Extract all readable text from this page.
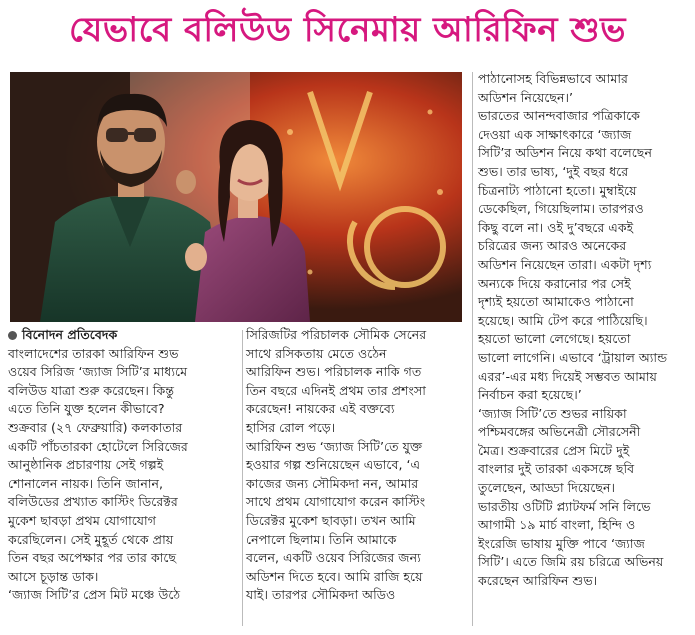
যেভাবে বলিউড সিনেমায় আরিফিন শুভ
বিনোদন প্রতিবেদক

বাংলাদেশের তারকা আরিফিন শুভ

ওয়েব সিরিজ ‘জ্যাজ সিটি’র মাধ্যমে

বলিউড যাত্রা শুরু করেছেন। কিন্তু

এতে তিনি যুক্ত হলেন কীভাবে?

শুক্রবার (২৭ ফেব্রুয়ারি) কলকাতার

একটি পাঁচতারকা হোটেলে সিরিজের

আনুষ্ঠানিক প্রচারণায় সেই গল্পই

শোনালেন নায়ক। তিনি জানান,

বলিউডের প্রখ্যাত কাস্টিং ডিরেক্টর

মুকেশ ছাবড়া প্রথম যোগাযোগ

করেছিলেন। সেই মুহূর্ত থেকে প্রায়

তিন বছর অপেক্ষার পর তার কাছে

আসে চূড়ান্ত ডাক।

‘জ্যাজ সিটি’র প্রেস মিট মঞ্চে উঠে

সিরিজটির পরিচালক সৌমিক সেনের

সাথে রসিকতায় মেতে ওঠেন

আরিফিন শুভ। পরিচালক নাকি গত

তিন বছরে এদিনই প্রথম তার প্রশংসা

করেছেন! নায়কের এই বক্তব্যে

হাসির রোল পড়ে।

আরিফিন শুভ ‘জ্যাজ সিটি’তে যুক্ত

হওয়ার গল্প শুনিয়েছেন এভাবে, ‘এ

কাজের জন্য সৌমিকদা নন, আমার

সাথে প্রথম যোগাযোগ করেন কাস্টিং

ডিরেক্টর মুকেশ ছাবড়া। তখন আমি

নেপালে ছিলাম। তিনি আমাকে

বলেন, একটি ওয়েব সিরিজের জন্য

অডিশন দিতে হবে। আমি রাজি হয়ে

যাই। তারপর সৌমিকদা অডিও

পাঠানোসহ বিভিন্নভাবে আমার

অডিশন নিয়েছেন।’

ভারতের আনন্দবাজার পত্রিকাকে

দেওয়া এক সাক্ষাৎকারে ‘জ্যাজ

সিটি’র অডিশন নিয়ে কথা বলেছেন

শুভ। তার ভাষ্য, ‘দুই বছর ধরে

চিত্রনাট্য পাঠানো হতো। মুম্বাইয়ে

ডেকেছিল, গিয়েছিলাম। তারপরও

কিছু বলে না। ওই দু’বছরে একই

চরিত্রের জন্য আরও অনেকের

অডিশন নিয়েছেন তারা। একটা দৃশ্য

অন্যকে দিয়ে করানোর পর সেই

দৃশ্যই হয়তো আমাকেও পাঠানো

হয়েছে। আমি টেপ করে পাঠিয়েছি।

হয়তো ভালো লেগেছে। হয়তো

ভালো লাগেনি। এভাবে ‘ট্রায়াল অ্যান্ড

এরর’-এর মধ্য দিয়েই সম্ভবত আমায়

নির্বাচন করা হয়েছে।’

‘জ্যাজ সিটি’তে শুভর নায়িকা

পশ্চিমবঙ্গের অভিনেত্রী সৌরসেনী

মৈত্র। শুক্রবারের প্রেস মিটে দুই

বাংলার দুই তারকা একসঙ্গে ছবি

তুলেছেন, আড্ডা দিয়েছেন।

ভারতীয় ওটিটি প্ল্যাটফর্ম সনি লিভে

আগামী ১৯ মার্চ বাংলা, হিন্দি ও

ইংরেজি ভাষায় মুক্তি পাবে ‘জ্যাজ

সিটি’। এতে জিমি রয় চরিত্রে অভিনয়

করেছেন আরিফিন শুভ।
